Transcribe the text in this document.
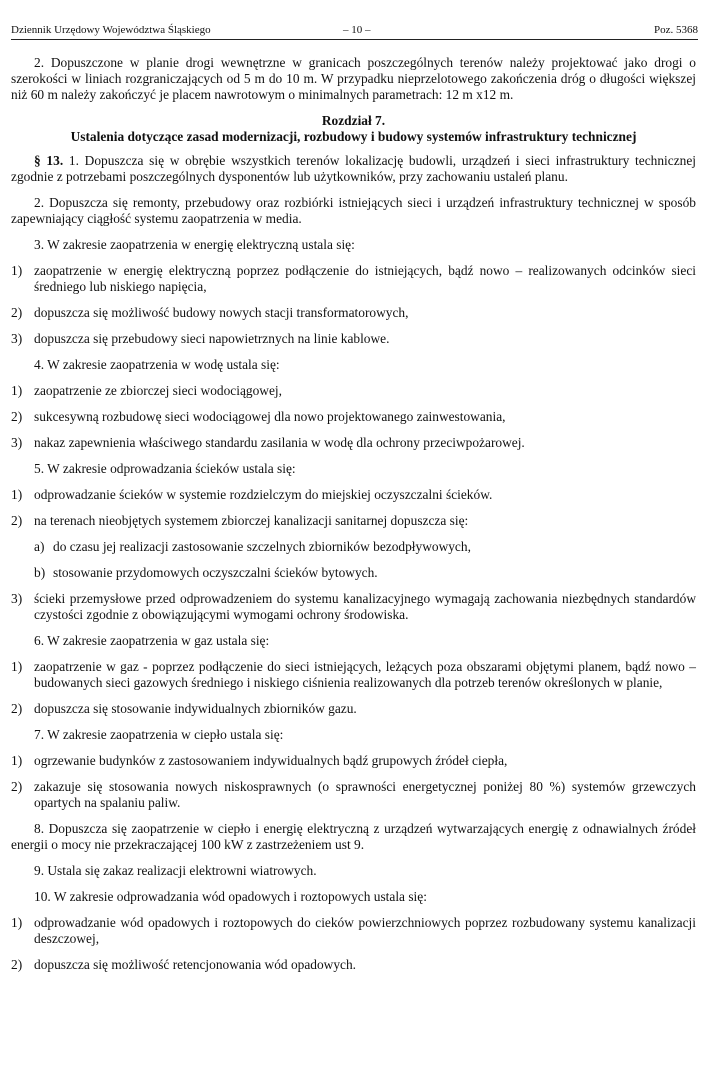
Dziennik Urzędowy Województwa Śląskiego	– 10 –	Poz. 5368

2. Dopuszczone w planie drogi wewnętrzne w granicach poszczególnych terenów należy projektować jako drogi o szerokości w liniach rozgraniczających od 5 m do 10 m. W przypadku nieprzelotowego zakończenia dróg o długości większej niż 60 m należy zakończyć je placem nawrotowym o minimalnych parametrach: 12 m x12 m.

Rozdział 7.
Ustalenia dotyczące zasad modernizacji, rozbudowy i budowy systemów infrastruktury technicznej

§ 13. 1. Dopuszcza się w obrębie wszystkich terenów lokalizację budowli, urządzeń i sieci infrastruktury technicznej zgodnie z potrzebami poszczególnych dysponentów lub użytkowników, przy zachowaniu ustaleń planu.

2. Dopuszcza się remonty, przebudowy oraz rozbiórki istniejących sieci i urządzeń infrastruktury technicznej w sposób zapewniający ciągłość systemu zaopatrzenia w media.

3. W zakresie zaopatrzenia w energię elektryczną ustala się:

1) zaopatrzenie w energię elektryczną poprzez podłączenie do istniejących, bądź nowo – realizowanych odcinków sieci średniego lub niskiego napięcia,
2) dopuszcza się możliwość budowy nowych stacji transformatorowych,
3) dopuszcza się przebudowy sieci napowietrznych na linie kablowe.

4. W zakresie zaopatrzenia w wodę ustala się:

1) zaopatrzenie ze zbiorczej sieci wodociągowej,
2) sukcesywną rozbudowę sieci wodociągowej dla nowo projektowanego zainwestowania,
3) nakaz zapewnienia właściwego standardu zasilania w wodę dla ochrony przeciwpożarowej.

5. W zakresie odprowadzania ścieków ustala się:

1) odprowadzanie ścieków w systemie rozdzielczym do miejskiej oczyszczalni ścieków.
2) na terenach nieobjętych systemem zbiorczej kanalizacji sanitarnej dopuszcza się:
a) do czasu jej realizacji zastosowanie szczelnych zbiorników bezodpływowych,
b) stosowanie przydomowych oczyszczalni ścieków bytowych.
3) ścieki przemysłowe przed odprowadzeniem do systemu kanalizacyjnego wymagają zachowania niezbędnych standardów czystości zgodnie z obowiązującymi wymogami ochrony środowiska.

6. W zakresie zaopatrzenia w gaz ustala się:

1) zaopatrzenie w gaz - poprzez podłączenie do sieci istniejących, leżących poza obszarami objętymi planem, bądź nowo – budowanych sieci gazowych średniego i niskiego ciśnienia realizowanych dla potrzeb terenów określonych w planie,
2) dopuszcza się stosowanie indywidualnych zbiorników gazu.

7. W zakresie zaopatrzenia w ciepło ustala się:

1) ogrzewanie budynków z zastosowaniem indywidualnych bądź grupowych źródeł ciepła,
2) zakazuje się stosowania nowych niskosprawnych (o sprawności energetycznej poniżej 80 %) systemów grzewczych opartych na spalaniu paliw.

8. Dopuszcza się zaopatrzenie w ciepło i energię elektryczną z urządzeń wytwarzających energię z odnawialnych źródeł energii o mocy nie przekraczającej 100 kW z zastrzeżeniem ust 9.

9. Ustala się zakaz realizacji elektrowni wiatrowych.

10. W zakresie odprowadzania wód opadowych i roztopowych ustala się:

1) odprowadzanie wód opadowych i roztopowych do cieków powierzchniowych poprzez rozbudowany systemu kanalizacji deszczowej,
2) dopuszcza się możliwość retencjonowania wód opadowych.
